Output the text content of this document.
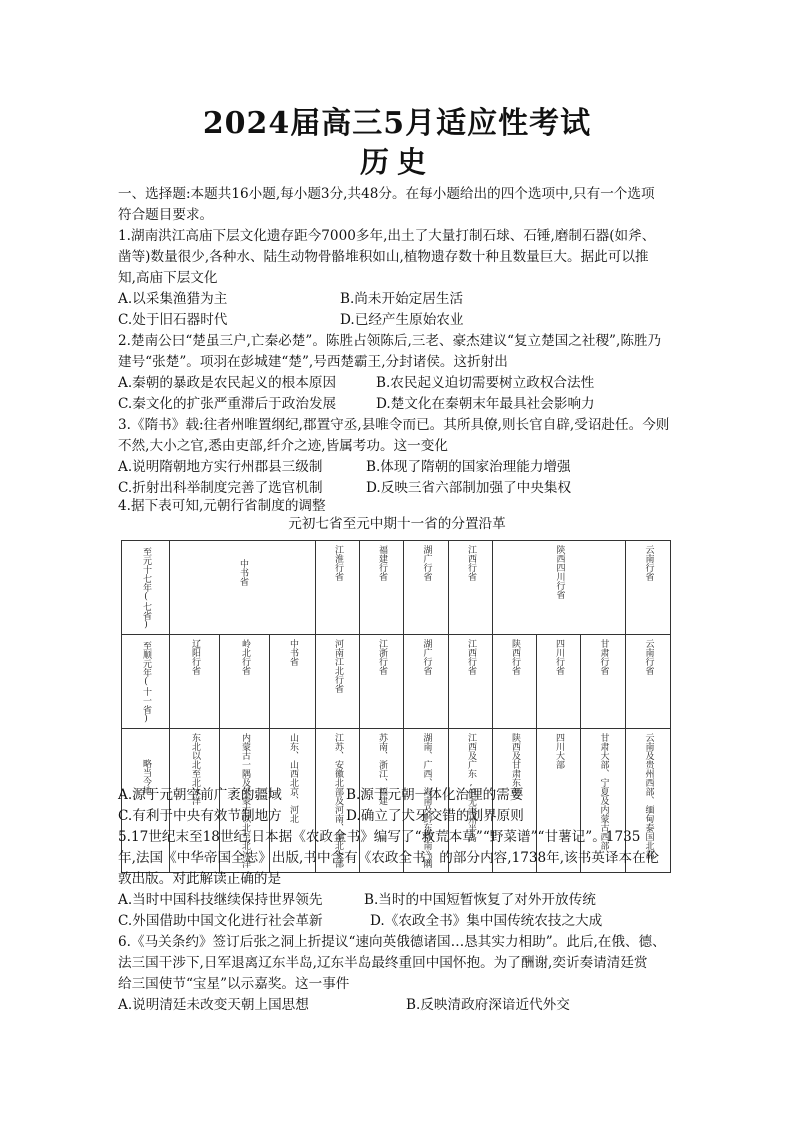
2024届高三5月适应性考试
历史
一、选择题:本题共16小题,每小题3分,共48分。在每小题给出的四个选项中,只有一个选项
符合题目要求。
1.湖南洪江高庙下层文化遗存距今7000多年,出土了大量打制石球、石锤,磨制石器(如斧、
凿等)数量很少,各种水、陆生动物骨骼堆积如山,植物遗存数十种且数量巨大。据此可以推
知,高庙下层文化
A.以采集渔猎为主	B.尚未开始定居生活
C.处于旧石器时代	D.已经产生原始农业
2.楚南公曰“楚虽三户,亡秦必楚”。陈胜占领陈后,三老、豪杰建议“复立楚国之社稷”,陈胜乃
建号“张楚”。项羽在彭城建“楚”,号西楚霸王,分封诸侯。这折射出
A.秦朝的暴政是农民起义的根本原因	B.农民起义迫切需要树立政权合法性
C.秦文化的扩张严重滞后于政治发展	D.楚文化在秦朝末年最具社会影响力
3.《隋书》载:往者州唯置纲纪,郡置守丞,县唯令而已。其所具僚,则长官自辟,受诏赴任。今则
不然,大小之官,悉由吏部,纤介之迹,皆属考功。这一变化
A.说明隋朝地方实行州郡县三级制	B.体现了隋朝的国家治理能力增强
C.折射出科举制度完善了选官机制	D.反映三省六部制加强了中央集权
4.据下表可知,元朝行省制度的调整
元初七省至元中期十一省的分置沿革
至元十七年(七省)	中书省			江淮行省	福建行省	湖广行省	江西行省	陕西四川行省			云南行省
至顺元年(十一省)	辽阳行省	岭北行省	中书省	河南江北行省	江浙行省	湖广行省	江西行省	陕西行省	四川行省	甘肃行省	云南行省
略当今地	东北以北至北冰洋	内蒙古一隅及外蒙古以北至北冰洋	山东、山西北京、河北	江苏、安徽北部及河南、湖北大部	苏南、浙江、福建	湖南、广西、海南及黔东鄂南一隅	江西及广东,但无雷州半岛	陕西及甘肃东部	四川大部	甘肃大部、宁夏及内蒙古西部	云南及贵州西部、缅甸泰国北部
A.源于元朝空前广袤的疆域	B.源于元朝一体化治理的需要
C.有利于中央有效节制地方	D.确立了犬牙交错的划界原则
5.17世纪末至18世纪,日本据《农政全书》编写了“救荒本草”“野菜谱”“甘薯记”。1735
年,法国《中华帝国全志》出版,书中含有《农政全书》的部分内容,1738年,该书英译本在伦
敦出版。对此解读正确的是
A.当时中国科技继续保持世界领先	B.当时的中国短暂恢复了对外开放传统
C.外国借助中国文化进行社会革新	D.《农政全书》集中国传统农技之大成
6.《马关条约》签订后张之洞上折提议“速向英俄德诸国…恳其实力相助”。此后,在俄、德、
法三国干涉下,日军退离辽东半岛,辽东半岛最终重回中国怀抱。为了酬谢,奕䜣奏请清廷赏
给三国使节“宝星”以示嘉奖。这一事件
A.说明清廷未改变天朝上国思想	B.反映清政府深谙近代外交
